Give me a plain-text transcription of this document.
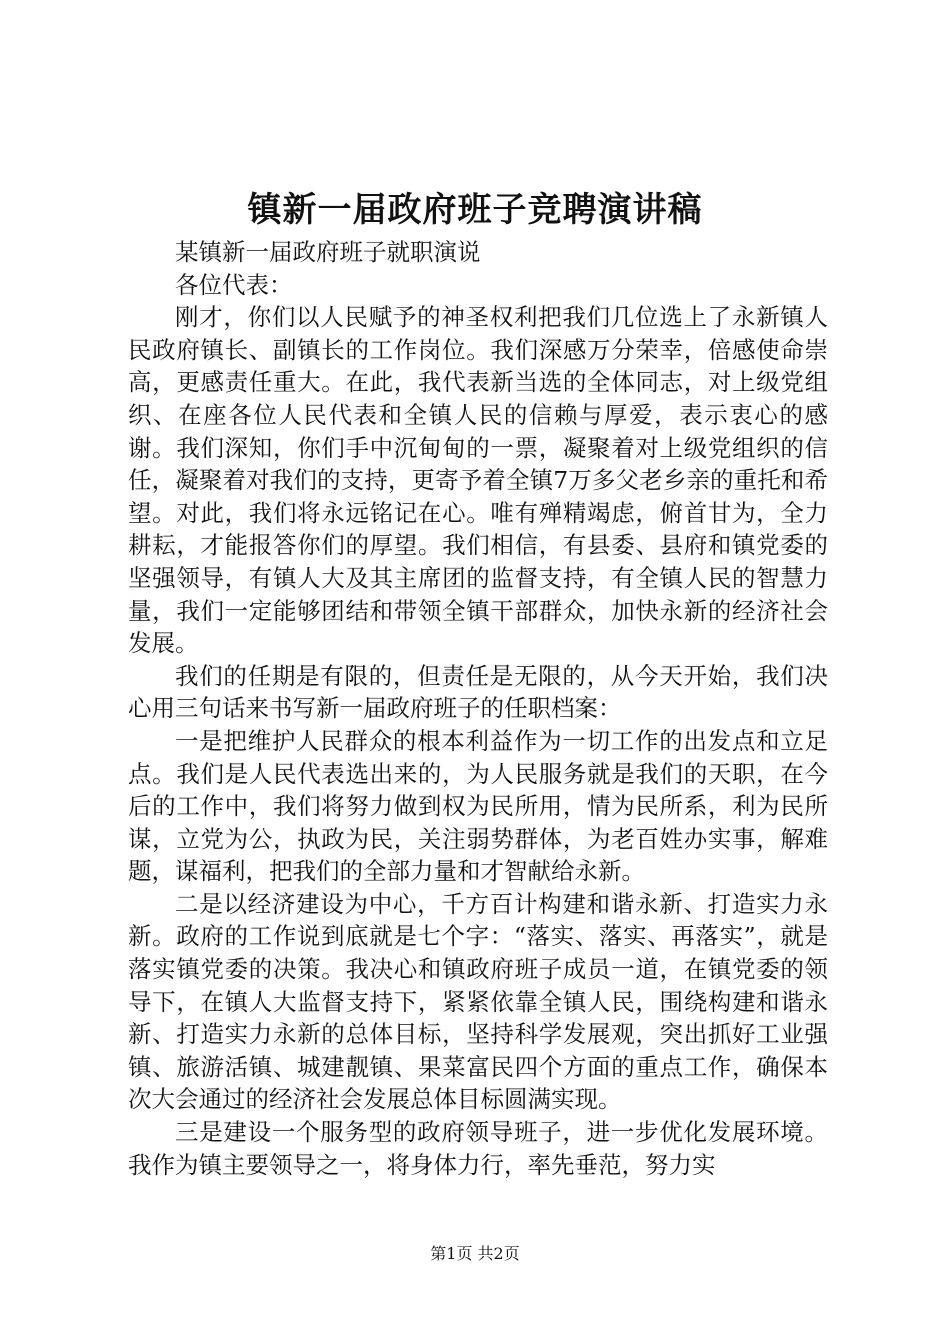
镇新一届政府班子竞聘演讲稿

某镇新一届政府班子就职演说

各位代表：

刚才，你们以人民赋予的神圣权利把我们几位选上了永新镇人民政府镇长、副镇长的工作岗位。我们深感万分荣幸，倍感使命崇高，更感责任重大。在此，我代表新当选的全体同志，对上级党组织、在座各位人民代表和全镇人民的信赖与厚爱，表示衷心的感谢。我们深知，你们手中沉甸甸的一票，凝聚着对上级党组织的信任，凝聚着对我们的支持，更寄予着全镇7万多父老乡亲的重托和希望。对此，我们将永远铭记在心。唯有殚精竭虑，俯首甘为，全力耕耘，才能报答你们的厚望。我们相信，有县委、县府和镇党委的坚强领导，有镇人大及其主席团的监督支持，有全镇人民的智慧力量，我们一定能够团结和带领全镇干部群众，加快永新的经济社会发展。

我们的任期是有限的，但责任是无限的，从今天开始，我们决心用三句话来书写新一届政府班子的任职档案：

一是把维护人民群众的根本利益作为一切工作的出发点和立足点。我们是人民代表选出来的，为人民服务就是我们的天职，在今后的工作中，我们将努力做到权为民所用，情为民所系，利为民所谋，立党为公，执政为民，关注弱势群体，为老百姓办实事，解难题，谋福利，把我们的全部力量和才智献给永新。

二是以经济建设为中心，千方百计构建和谐永新、打造实力永新。政府的工作说到底就是七个字：“落实、落实、再落实”，就是落实镇党委的决策。我决心和镇政府班子成员一道，在镇党委的领导下，在镇人大监督支持下，紧紧依靠全镇人民，围绕构建和谐永新、打造实力永新的总体目标，坚持科学发展观，突出抓好工业强镇、旅游活镇、城建靓镇、果菜富民四个方面的重点工作，确保本次大会通过的经济社会发展总体目标圆满实现。

三是建设一个服务型的政府领导班子，进一步优化发展环境。我作为镇主要领导之一，将身体力行，率先垂范，努力实

第1页 共2页
